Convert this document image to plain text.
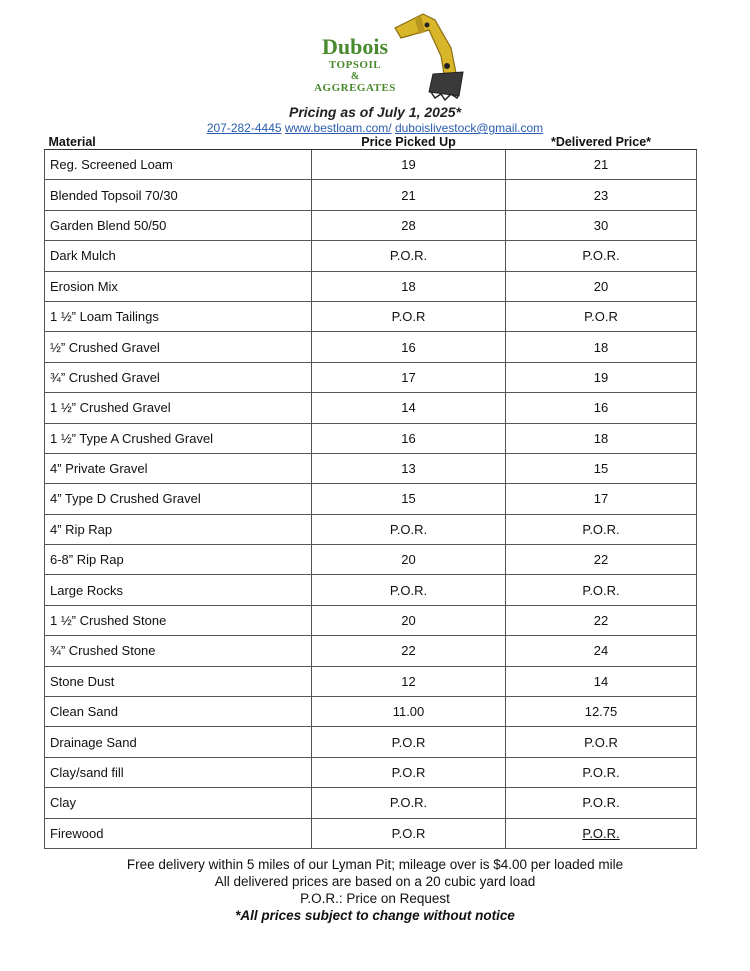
Dubois
TOPSOIL
&
AGGREGATES
Pricing as of July 1, 2025*
207-282-4445 www.bestloam.com/ duboislivestock@gmail.com
Material	Price Picked Up	*Delivered Price*
Reg. Screened Loam	19	21
Blended Topsoil 70/30	21	23
Garden Blend 50/50	28	30
Dark Mulch	P.O.R.	P.O.R.
Erosion Mix	18	20
1 ½” Loam Tailings	P.O.R	P.O.R
½” Crushed Gravel	16	18
¾” Crushed Gravel	17	19
1 ½” Crushed Gravel	14	16
1 ½” Type A Crushed Gravel	16	18
4” Private Gravel	13	15
4” Type D Crushed Gravel	15	17
4” Rip Rap	P.O.R.	P.O.R.
6-8” Rip Rap	20	22
Large Rocks	P.O.R.	P.O.R.
1 ½” Crushed Stone	20	22
¾” Crushed Stone	22	24
Stone Dust	12	14
Clean Sand	11.00	12.75
Drainage Sand	P.O.R	P.O.R
Clay/sand fill	P.O.R	P.O.R.
Clay	P.O.R.	P.O.R.
Firewood	P.O.R	P.O.R.
Free delivery within 5 miles of our Lyman Pit; mileage over is $4.00 per loaded mile
All delivered prices are based on a 20 cubic yard load
P.O.R.: Price on Request
*All prices subject to change without notice
